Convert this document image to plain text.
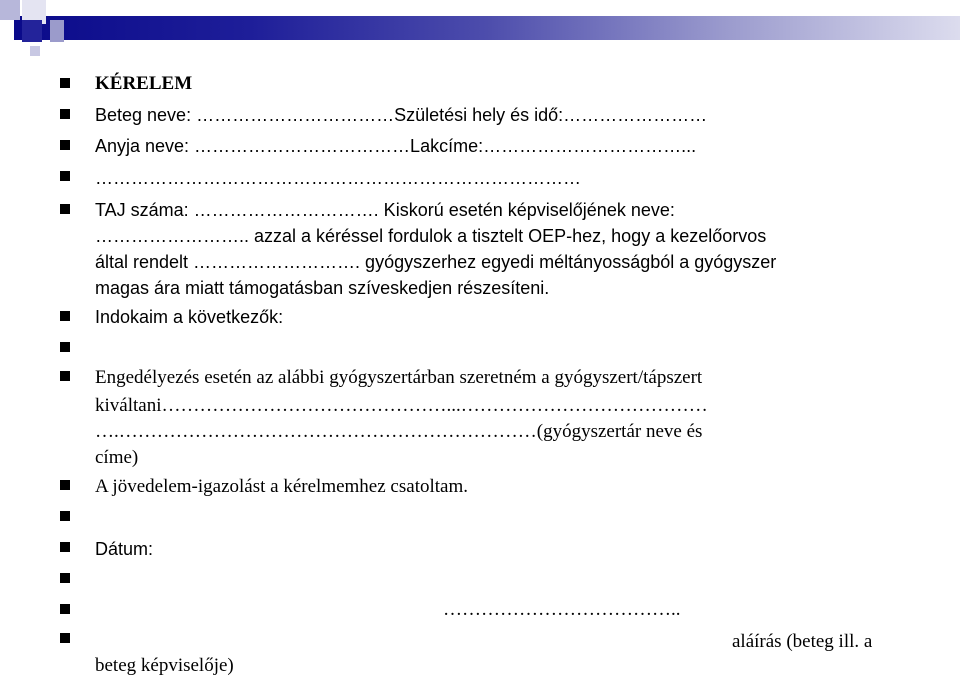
KÉRELEM
Beteg neve: ……………………………Születési hely és idő:……………………
Anyja neve: ………………………………Lakcíme:……………………………...
………………………………………………………………………
TAJ száma: …………………………. Kiskorú esetén képviselőjének neve:
…………………….. azzal a kéréssel fordulok a tisztelt OEP-hez, hogy a kezelőorvos
által rendelt ………………………. gyógyszerhez egyedi méltányosságból a gyógyszer
magas ára miatt támogatásban szíveskedjen részesíteni.
Indokaim a következők:
Engedélyezés esetén az alábbi gyógyszertárban szeretném a gyógyszert/tápszert
kiváltani………………………………………...…………………………………
….…………………………………………………………(gyógyszertár neve és
címe)
A jövedelem-igazolást a kérelmemhez csatoltam.
Dátum:
………………………………..
aláírás (beteg ill. a
beteg képviselője)
